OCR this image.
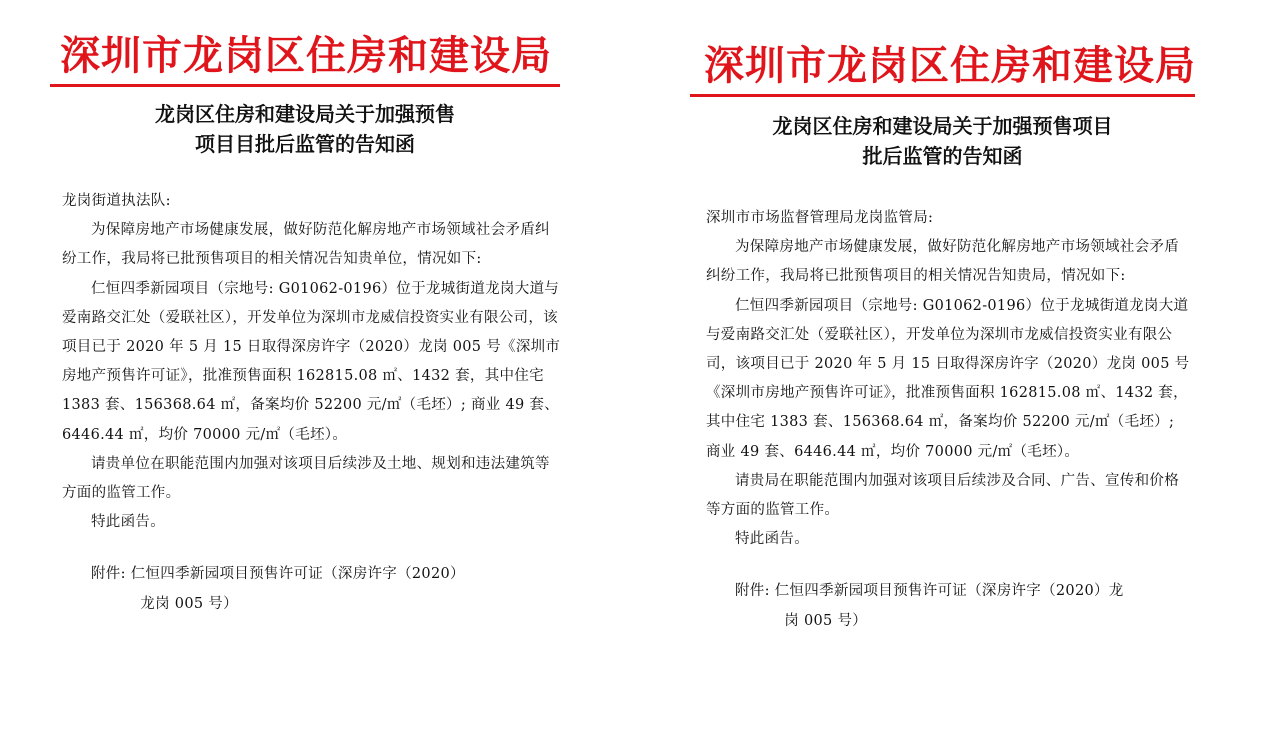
深圳市龙岗区住房和建设局
龙岗区住房和建设局关于加强预售
项目目批后监管的告知函

龙岗街道执法队:

为保障房地产市场健康发展，做好防范化解房地产市场领域社会矛盾纠纷工作，我局将已批预售项目的相关情况告知贵单位，情况如下:

仁恒四季新园项目（宗地号: G01062-0196）位于龙城街道龙岗大道与爱南路交汇处（爱联社区），开发单位为深圳市龙威信投资实业有限公司，该项目已于 2020 年 5 月 15 日取得深房许字（2020）龙岗 005 号《深圳市房地产预售许可证》，批准预售面积 162815.08 ㎡、1432 套，其中住宅 1383 套、156368.64 ㎡，备案均价 52200 元/㎡（毛坯）; 商业 49 套、6446.44 ㎡，均价 70000 元/㎡（毛坯）。

请贵单位在职能范围内加强对该项目后续涉及土地、规划和违法建筑等方面的监管工作。

特此函告。

附件: 仁恒四季新园项目预售许可证（深房许字（2020）

龙岗 005 号）

深圳市龙岗区住房和建设局
龙岗区住房和建设局关于加强预售项目
批后监管的告知函

深圳市市场监督管理局龙岗监管局:

为保障房地产市场健康发展，做好防范化解房地产市场领域社会矛盾纠纷工作，我局将已批预售项目的相关情况告知贵局，情况如下:

仁恒四季新园项目（宗地号: G01062-0196）位于龙城街道龙岗大道与爱南路交汇处（爱联社区），开发单位为深圳市龙威信投资实业有限公司，该项目已于 2020 年 5 月 15 日取得深房许字（2020）龙岗 005 号《深圳市房地产预售许可证》，批准预售面积 162815.08 ㎡、1432 套，其中住宅 1383 套、156368.64 ㎡，备案均价 52200 元/㎡（毛坯）; 商业 49 套、6446.44 ㎡，均价 70000 元/㎡（毛坯）。

请贵局在职能范围内加强对该项目后续涉及合同、广告、宣传和价格等方面的监管工作。

特此函告。

附件: 仁恒四季新园项目预售许可证（深房许字（2020）龙

岗 005 号）
